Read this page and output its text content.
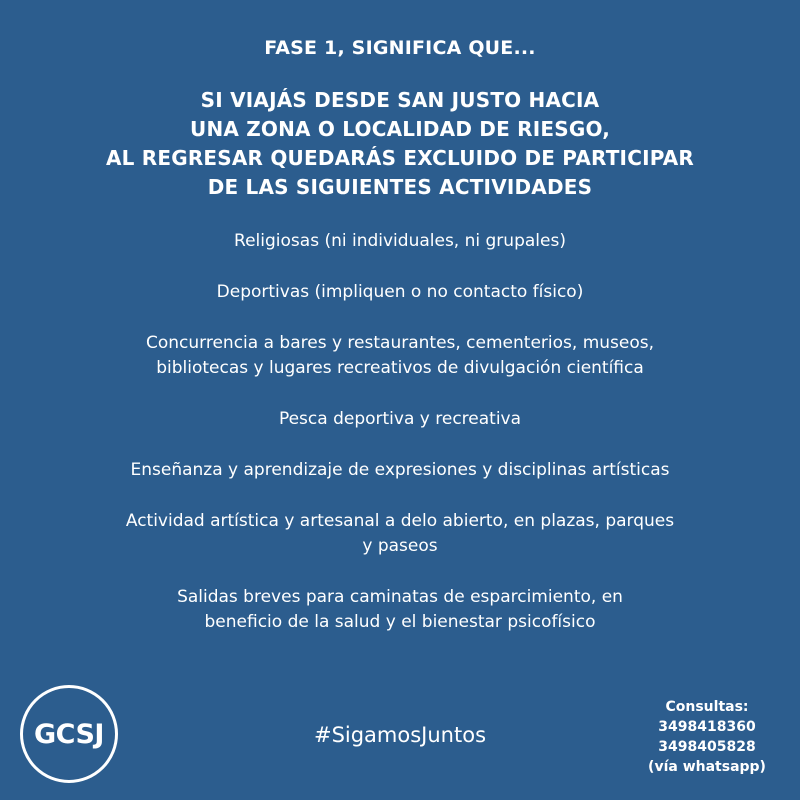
FASE 1, SIGNIFICA QUE...
SI VIAJÁS DESDE SAN JUSTO HACIA
UNA ZONA O LOCALIDAD DE RIESGO,
AL REGRESAR QUEDARÁS EXCLUIDO DE PARTICIPAR
DE LAS SIGUIENTES ACTIVIDADES
Religiosas (ni individuales, ni grupales)
Deportivas (impliquen o no contacto físico)
Concurrencia a bares y restaurantes, cementerios, museos,
bibliotecas y lugares recreativos de divulgación científica
Pesca deportiva y recreativa
Enseñanza y aprendizaje de expresiones y disciplinas artísticas
Actividad artística y artesanal a delo abierto, en plazas, parques
y paseos
Salidas breves para caminatas de esparcimiento, en
beneficio de la salud y el bienestar psicofísico
GCSJ	#SigamosJuntos
Consultas:
3498418360
3498405828
(vía whatsapp)
